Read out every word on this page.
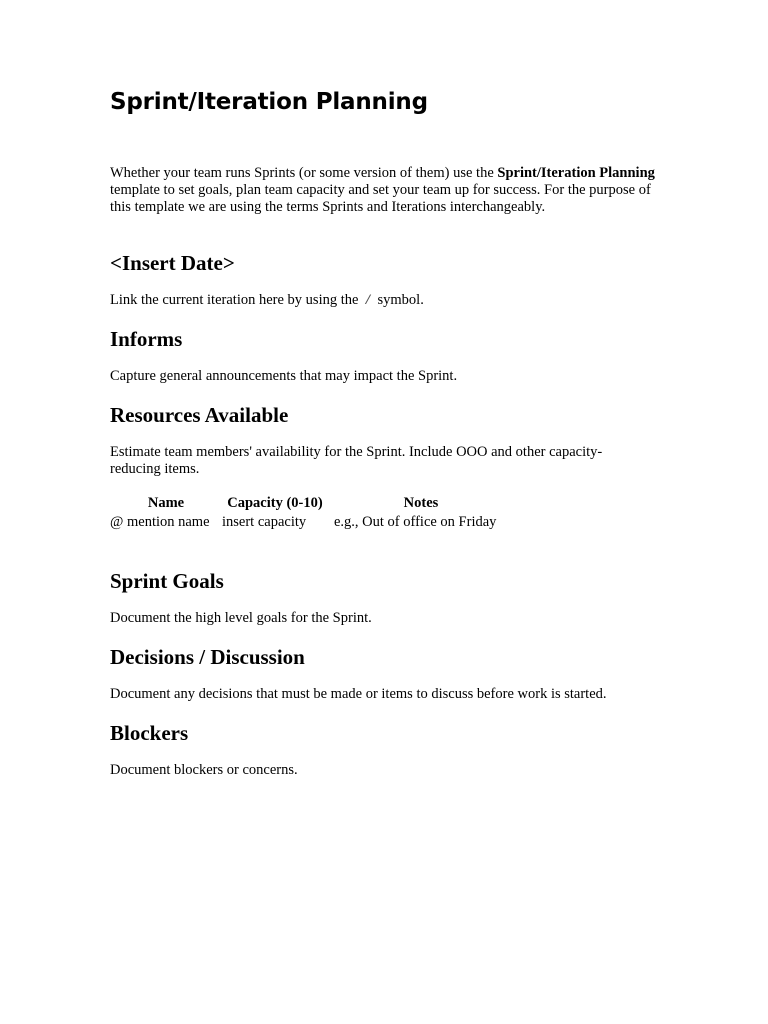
Sprint/Iteration Planning
Whether your team runs Sprints (or some version of them) use the Sprint/Iteration Planning template to set goals, plan team capacity and set your team up for success. For the purpose of this template we are using the terms Sprints and Iterations interchangeably.
<Insert Date>

Link the current iteration here by using the / symbol.

Informs

Capture general announcements that may impact the Sprint.

Resources Available

Estimate team members' availability for the Sprint. Include OOO and other capacity-reducing items.

Name	Capacity (0-10)	Notes
@ mention name	insert capacity	e.g., Out of office on Friday
Sprint Goals

Document the high level goals for the Sprint.

Decisions / Discussion

Document any decisions that must be made or items to discuss before work is started.

Blockers

Document blockers or concerns.
